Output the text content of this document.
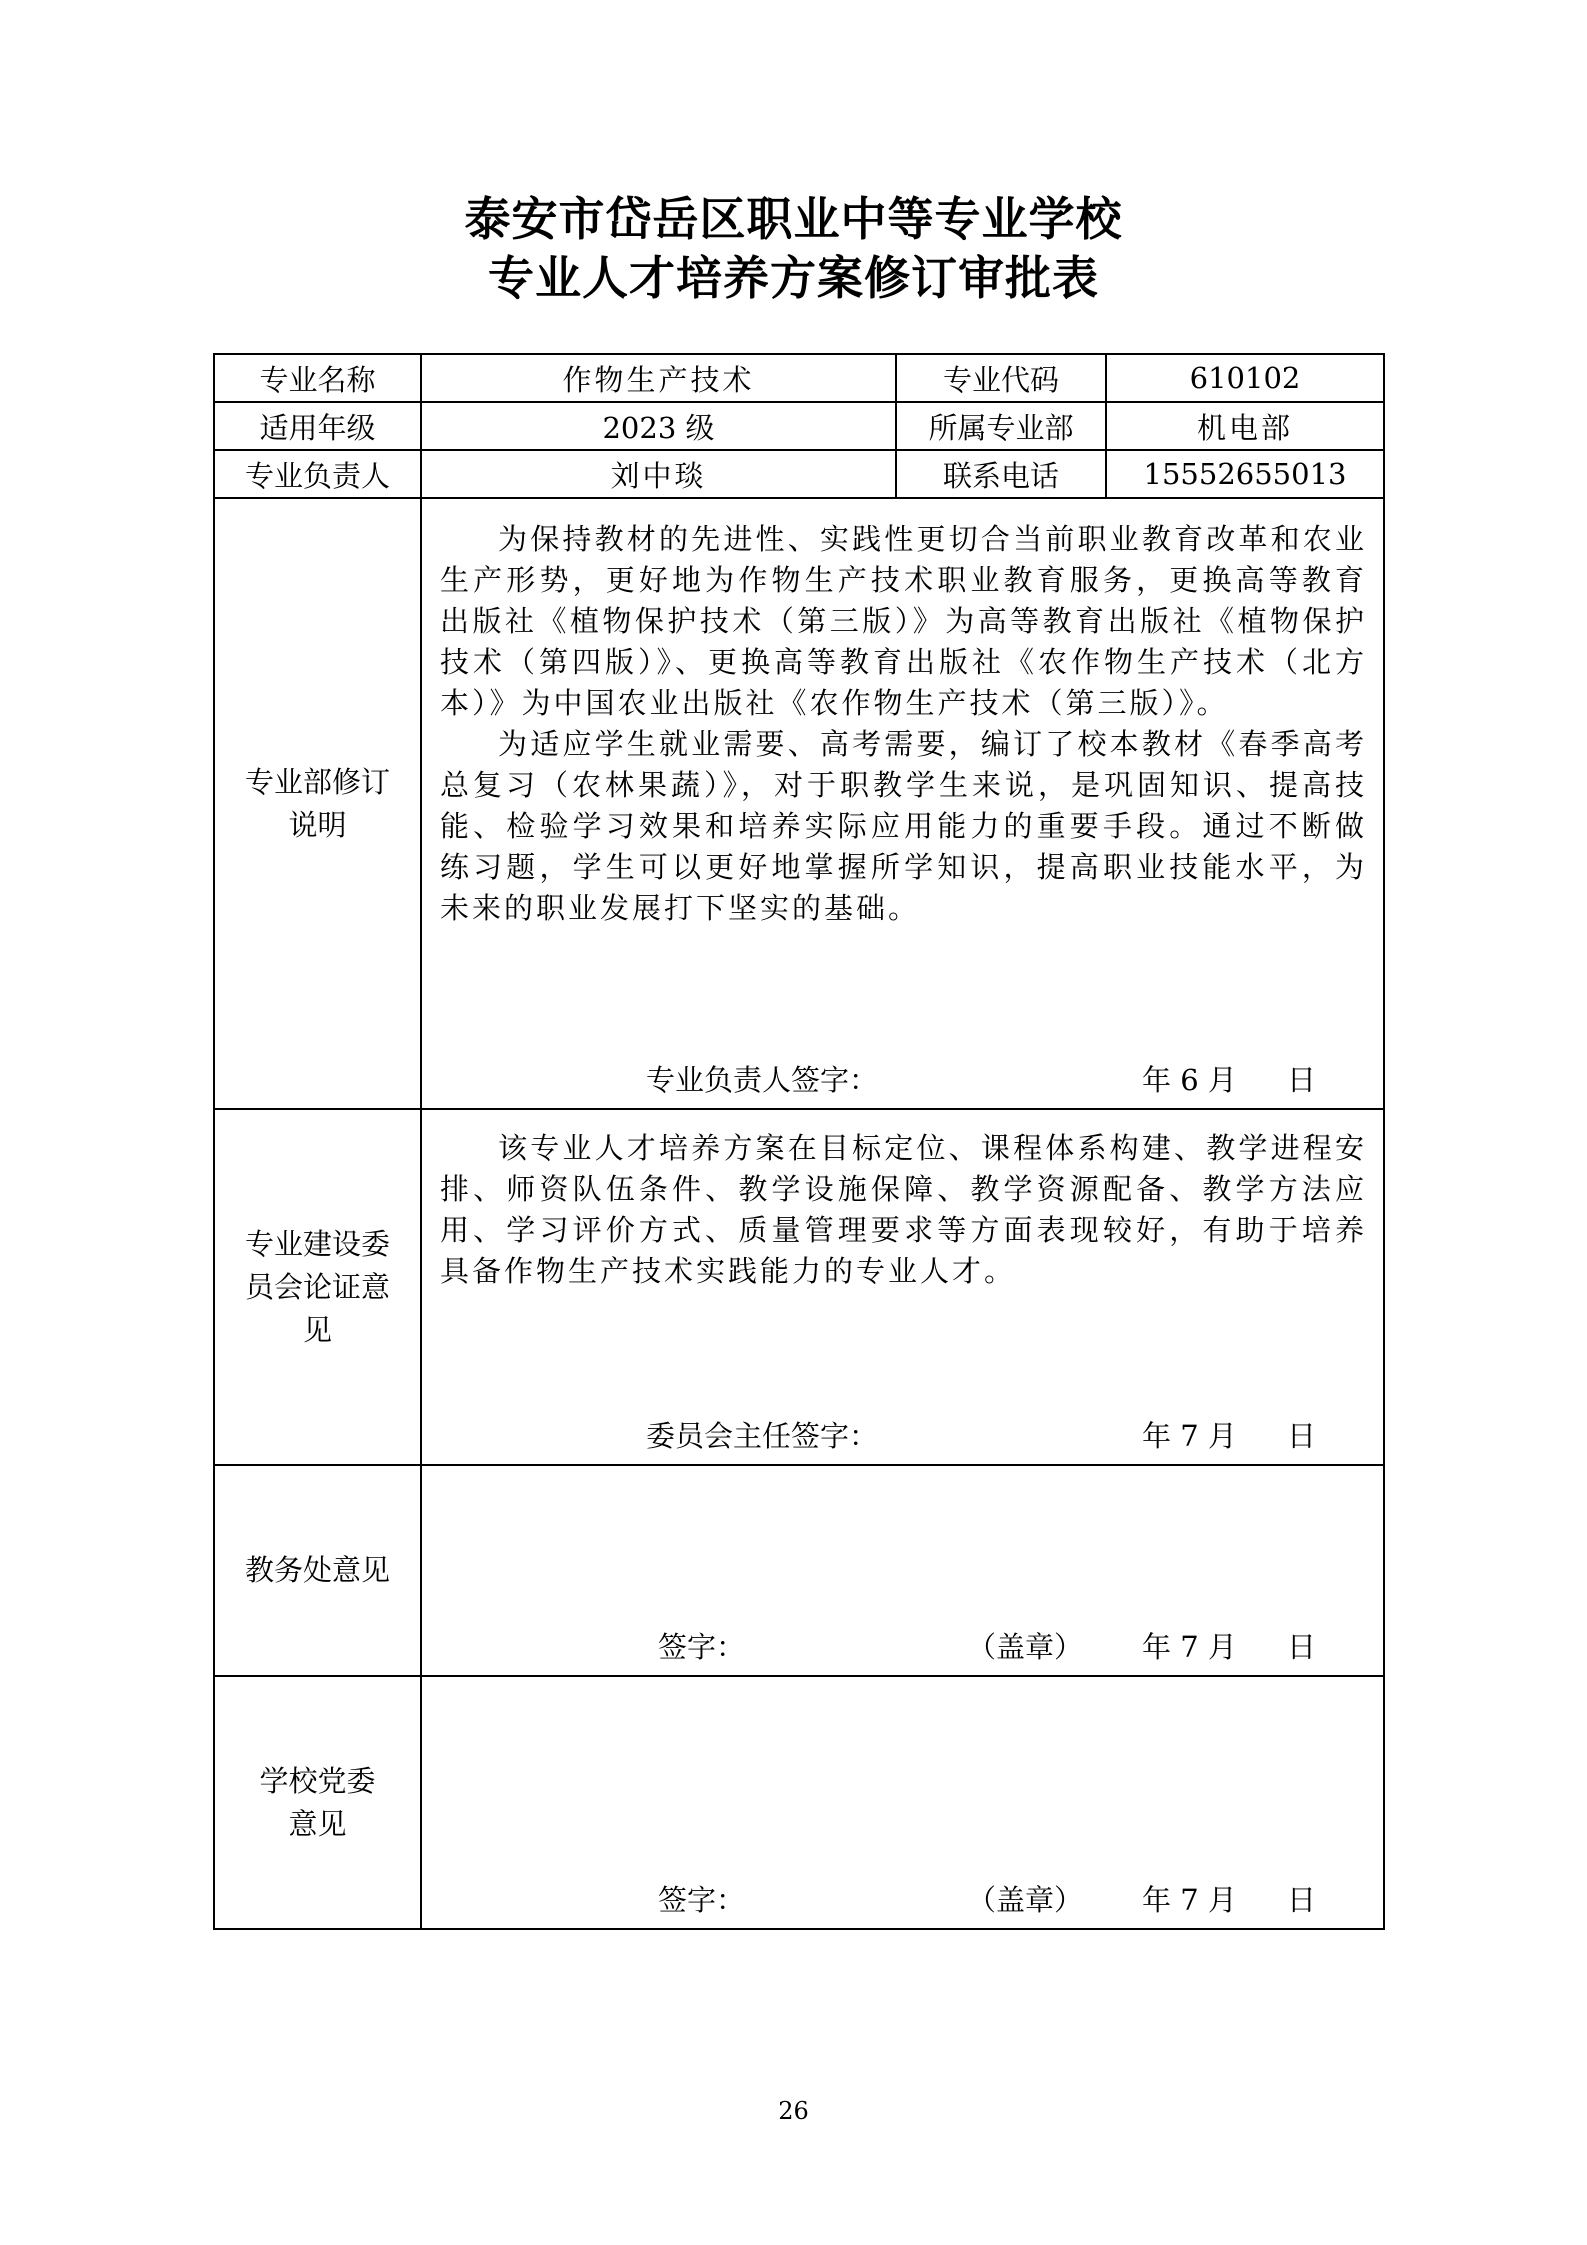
泰安市岱岳区职业中等专业学校
专业人才培养方案修订审批表
专业名称	作物生产技术	专业代码	610102
适用年级	2023 级	所属专业部	机电部
专业负责人	刘中琰	联系电话	15552655013

专业部修订说明	为保持教材的先进性、实践性更切合当前职业教育改革和农业生产形势，更好地为作物生产技术职业教育服务，更换高等教育出版社《植物保护技术（第三版）》为高等教育出版社《植物保护技术（第四版）》、更换高等教育出版社《农作物生产技术（北方本）》为中国农业出版社《农作物生产技术（第三版）》。

为适应学生就业需要、高考需要，编订了校本教材《春季高考总复习（农林果蔬）》，对于职教学生来说，是巩固知识、提高技能、检验学习效果和培养实际应用能力的重要手段。通过不断做练习题，学生可以更好地掌握所学知识，提高职业技能水平，为未来的职业发展打下坚实的基础。

专业负责人签字： 年 6 月 日		

专业建设委员会论证意见	该专业人才培养方案在目标定位、课程体系构建、教学进程安排、师资队伍条件、教学设施保障、教学资源配备、教学方法应用、学习评价方式、质量管理要求等方面表现较好，有助于培养具备作物生产技术实践能力的专业人才。

委员会主任签字： 年 7 月 日		

教务处意见	签字： （盖章） 年 7 月 日		

学校党委意见	签字： （盖章） 年 7 月 日		
26
